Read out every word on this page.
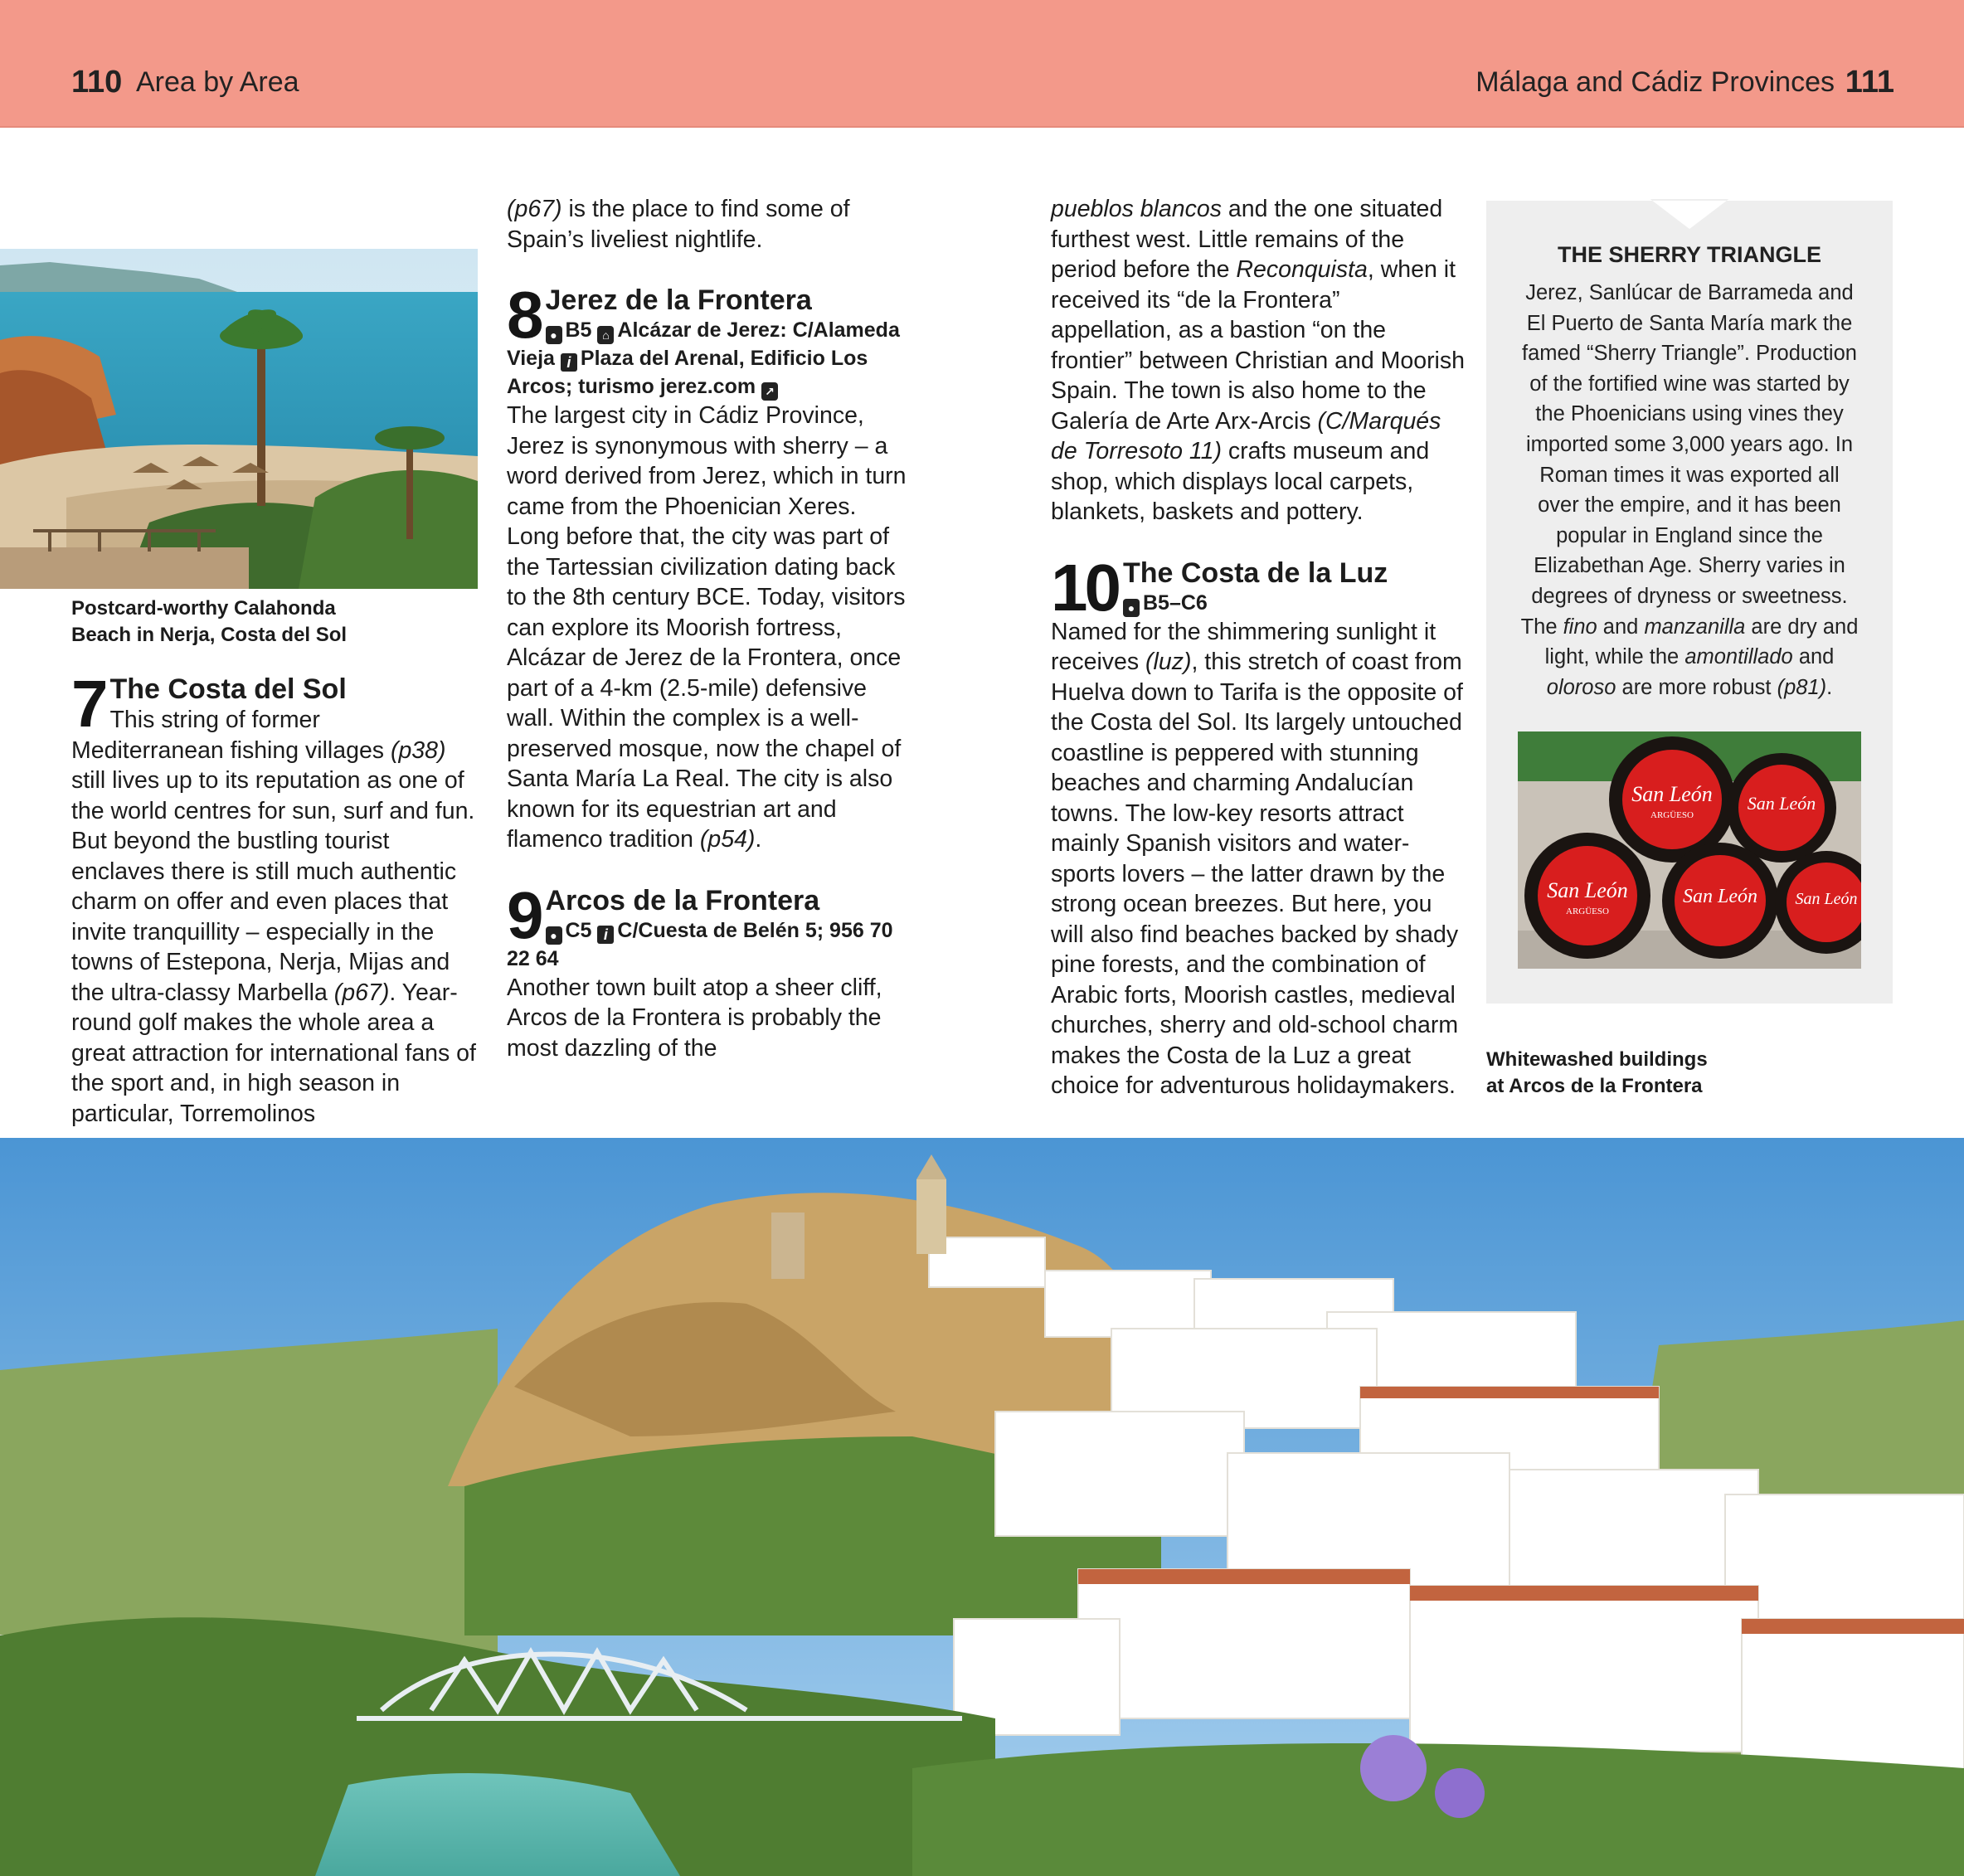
110 Area by Area	Málaga and Cádiz Provinces 111
Postcard-worthy Calahonda
Beach in Nerja, Costa del Sol
7 The Costa del Sol

This string of former Mediterranean fishing villages (p38) still lives up to its reputation as one of the world centres for sun, surf and fun. But beyond the bustling tourist enclaves there is still much authentic charm on offer and even places that invite tranquillity – especially in the towns of Estepona, Nerja, Mijas and the ultra-classy Marbella (p67). Year-round golf makes the whole area a great attraction for international fans of the sport and, in high season in particular, Torremolinos

(p67) is the place to find some of Spain’s liveliest nightlife.

8 Jerez de la Frontera
● B5 ⌂ Alcázar de Jerez: C/Alameda Vieja i Plaza del Arenal, Edificio Los Arcos; turismo jerez.com ↗

The largest city in Cádiz Province, Jerez is synonymous with sherry – a word derived from Jerez, which in turn came from the Phoenician Xeres. Long before that, the city was part of the Tartessian civilization dating back to the 8th century BCE. Today, visitors can explore its Moorish fortress, Alcázar de Jerez de la Frontera, once part of a 4-km (2.5-mile) defensive wall. Within the complex is a well-preserved mosque, now the chapel of Santa María La Real. The city is also known for its equestrian art and flamenco tradition (p54).

9 Arcos de la Frontera
● C5 i C/Cuesta de Belén 5; 956 70 22 64

Another town built atop a sheer cliff, Arcos de la Frontera is probably the most dazzling of the

pueblos blancos and the one situated furthest west. Little remains of the period before the Reconquista, when it received its “de la Frontera” appellation, as a bastion “on the frontier” between Christian and Moorish Spain. The town is also home to the Galería de Arte Arx-Arcis (C/Marqués de Torresoto 11) crafts museum and shop, which displays local carpets, blankets, baskets and pottery.

10 The Costa de la Luz
● B5–C6

Named for the shimmering sunlight it receives (luz), this stretch of coast from Huelva down to Tarifa is the opposite of the Costa del Sol. Its largely untouched coastline is peppered with stunning beaches and charming Andalucían towns. The low-key resorts attract mainly Spanish visitors and water-sports lovers – the latter drawn by the strong ocean breezes. But here, you will also find beaches backed by shady pine forests, and the combination of Arabic forts, Moorish castles, medieval churches, sherry and old-school charm makes the Costa de la Luz a great choice for adventurous holidaymakers.

THE SHERRY TRIANGLE
Jerez, Sanlúcar de Barrameda and El Puerto de Santa María mark the famed “Sherry Triangle”. Production of the fortified wine was started by the Phoenicians using vines they imported some 3,000 years ago. In Roman times it was exported all over the empire, and it has been popular in England since the Elizabethan Age. Sherry varies in degrees of dryness or sweetness. The fino and manzanilla are dry and light, while the amontillado and oloroso are more robust (p81).
San León
ARGÜESO
San León
San León
ARGÜESO
San León San León
Whitewashed buildings
at Arcos de la Frontera
